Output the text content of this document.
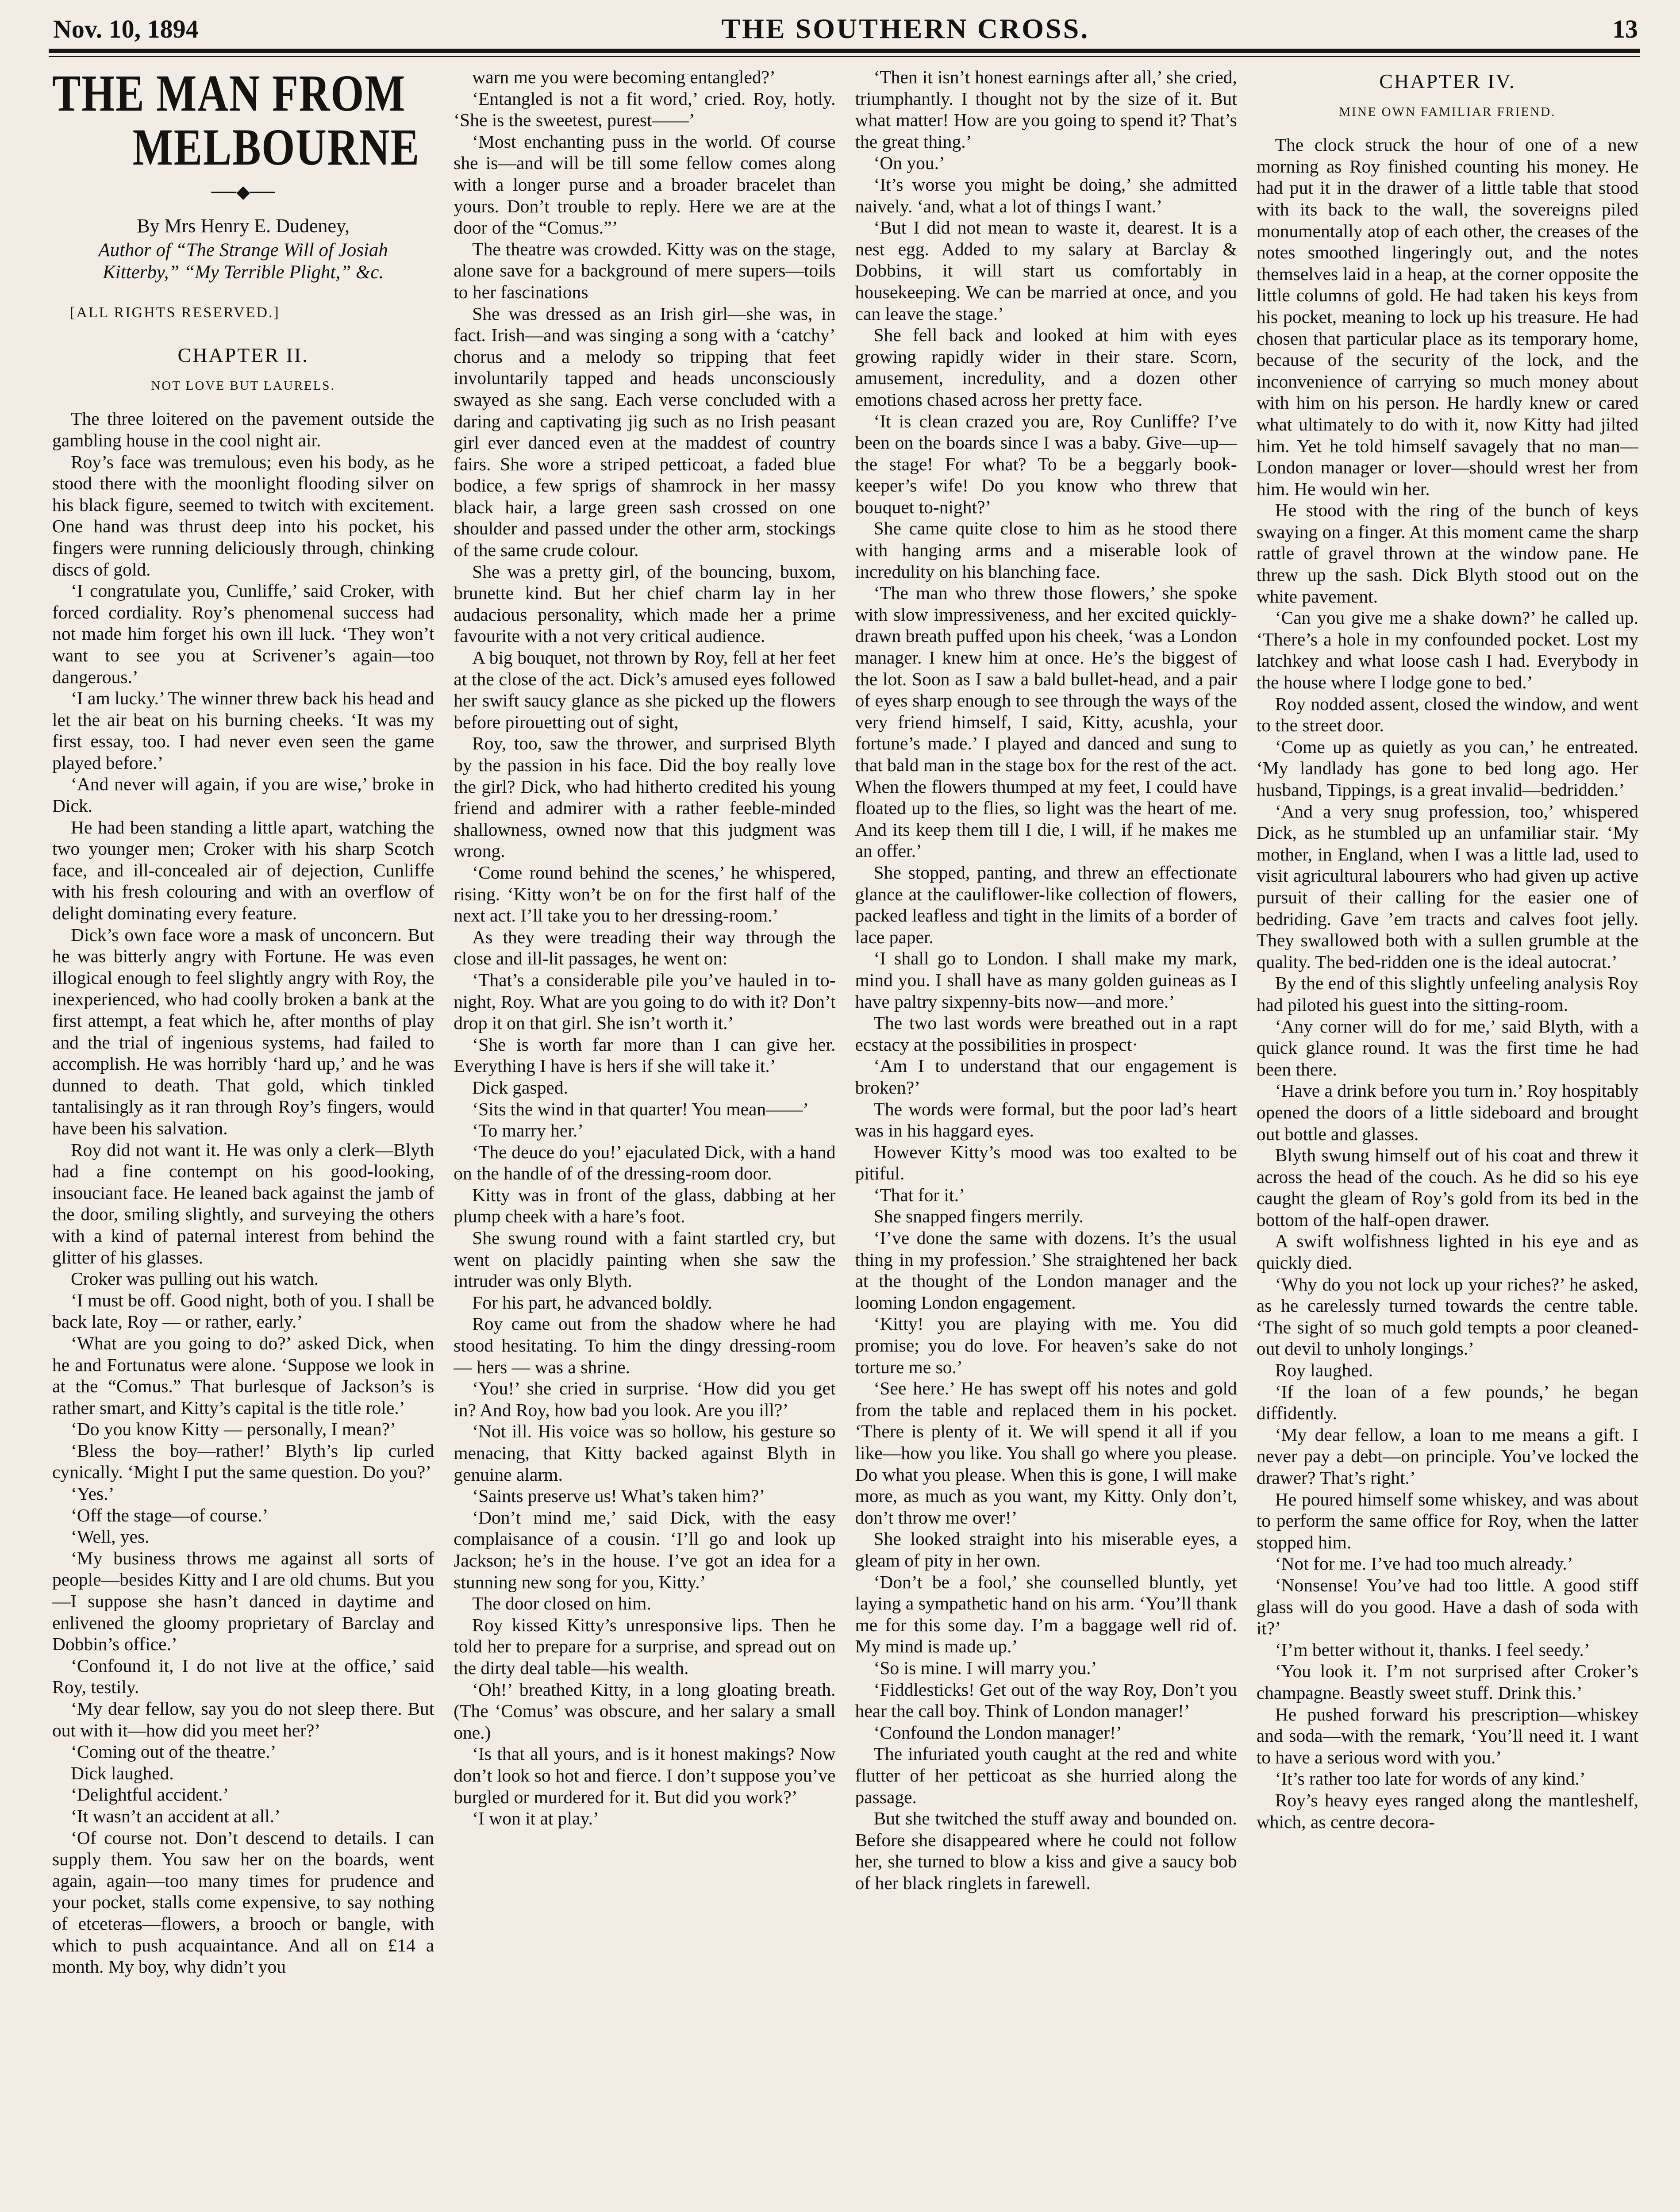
Nov. 10, 1894	THE SOUTHERN CROSS.	13
THE MAN FROM
MELBOURNE
──◆──
By Mrs Henry E. Dudeney,
Author of “The Strange Will of Josiah Kitterby,” “My Terrible Plight,” &c.
[ALL RIGHTS RESERVED.]
CHAPTER II.
NOT LOVE BUT LAURELS.

The three loitered on the pavement outside the gambling house in the cool night air.

Roy’s face was tremulous; even his body, as he stood there with the moonlight flooding silver on his black figure, seemed to twitch with excitement. One hand was thrust deep into his pocket, his fingers were running deliciously through, chinking discs of gold.

‘I congratulate you, Cunliffe,’ said Croker, with forced cordiality. Roy’s phenomenal success had not made him forget his own ill luck. ‘They won’t want to see you at Scrivener’s again—too dangerous.’

‘I am lucky.’ The winner threw back his head and let the air beat on his burning cheeks. ‘It was my first essay, too. I had never even seen the game played before.’

‘And never will again, if you are wise,’ broke in Dick.

He had been standing a little apart, watching the two younger men; Croker with his sharp Scotch face, and ill-concealed air of dejection, Cunliffe with his fresh colouring and with an overflow of delight dominating every feature.

Dick’s own face wore a mask of unconcern. But he was bitterly angry with Fortune. He was even illogical enough to feel slightly angry with Roy, the inexperienced, who had coolly broken a bank at the first attempt, a feat which he, after months of play and the trial of ingenious systems, had failed to accomplish. He was horribly ‘hard up,’ and he was dunned to death. That gold, which tinkled tantalisingly as it ran through Roy’s fingers, would have been his salvation.

Roy did not want it. He was only a clerk—Blyth had a fine contempt on his good-looking, insouciant face. He leaned back against the jamb of the door, smiling slightly, and surveying the others with a kind of paternal interest from behind the glitter of his glasses.

Croker was pulling out his watch.

‘I must be off. Good night, both of you. I shall be back late, Roy — or rather, early.’

‘What are you going to do?’ asked Dick, when he and Fortunatus were alone. ‘Suppose we look in at the “Comus.” That burlesque of Jackson’s is rather smart, and Kitty’s capital is the title role.’

‘Do you know Kitty — personally, I mean?’

‘Bless the boy—rather!’ Blyth’s lip curled cynically. ‘Might I put the same question. Do you?’

‘Yes.’

‘Off the stage—of course.’

‘Well, yes.

‘My business throws me against all sorts of people—besides Kitty and I are old chums. But you—I suppose she hasn’t danced in daytime and enlivened the gloomy proprietary of Barclay and Dobbin’s office.’

‘Confound it, I do not live at the office,’ said Roy, testily.

‘My dear fellow, say you do not sleep there. But out with it—how did you meet her?’

‘Coming out of the theatre.’

Dick laughed.

‘Delightful accident.’

‘It wasn’t an accident at all.’

‘Of course not. Don’t descend to details. I can supply them. You saw her on the boards, went again, again—too many times for prudence and your pocket, stalls come expensive, to say nothing of etceteras—flowers, a brooch or bangle, with which to push acquaintance. And all on £14 a month. My boy, why didn’t you

warn me you were becoming entangled?’

‘Entangled is not a fit word,’ cried. Roy, hotly. ‘She is the sweetest, purest——’

‘Most enchanting puss in the world. Of course she is—and will be till some fellow comes along with a longer purse and a broader bracelet than yours. Don’t trouble to reply. Here we are at the door of the “Comus.”’

The theatre was crowded. Kitty was on the stage, alone save for a background of mere supers—toils to her fascinations

She was dressed as an Irish girl—she was, in fact. Irish—and was singing a song with a ‘catchy’ chorus and a melody so tripping that feet involuntarily tapped and heads unconsciously swayed as she sang. Each verse concluded with a daring and captivating jig such as no Irish peasant girl ever danced even at the maddest of country fairs. She wore a striped petticoat, a faded blue bodice, a few sprigs of shamrock in her massy black hair, a large green sash crossed on one shoulder and passed under the other arm, stockings of the same crude colour.

She was a pretty girl, of the bouncing, buxom, brunette kind. But her chief charm lay in her audacious personality, which made her a prime favourite with a not very critical audience.

A big bouquet, not thrown by Roy, fell at her feet at the close of the act. Dick’s amused eyes followed her swift saucy glance as she picked up the flowers before pirouetting out of sight,

Roy, too, saw the thrower, and surprised Blyth by the passion in his face. Did the boy really love the girl? Dick, who had hitherto credited his young friend and admirer with a rather feeble-minded shallowness, owned now that this judgment was wrong.

‘Come round behind the scenes,’ he whispered, rising. ‘Kitty won’t be on for the first half of the next act. I’ll take you to her dressing-room.’

As they were treading their way through the close and ill-lit passages, he went on:

‘That’s a considerable pile you’ve hauled in to-night, Roy. What are you going to do with it? Don’t drop it on that girl. She isn’t worth it.’

‘She is worth far more than I can give her. Everything I have is hers if she will take it.’

Dick gasped.

‘Sits the wind in that quarter! You mean——’

‘To marry her.’

‘The deuce do you!’ ejaculated Dick, with a hand on the handle of of the dressing-room door.

Kitty was in front of the glass, dabbing at her plump cheek with a hare’s foot.

She swung round with a faint startled cry, but went on placidly painting when she saw the intruder was only Blyth.

For his part, he advanced boldly.

Roy came out from the shadow where he had stood hesitating. To him the dingy dressing-room — hers — was a shrine.

‘You!’ she cried in surprise. ‘How did you get in? And Roy, how bad you look. Are you ill?’

‘Not ill. His voice was so hollow, his gesture so menacing, that Kitty backed against Blyth in genuine alarm.

‘Saints preserve us! What’s taken him?’

‘Don’t mind me,’ said Dick, with the easy complaisance of a cousin. ‘I’ll go and look up Jackson; he’s in the house. I’ve got an idea for a stunning new song for you, Kitty.’

The door closed on him.

Roy kissed Kitty’s unresponsive lips. Then he told her to prepare for a surprise, and spread out on the dirty deal table—his wealth.

‘Oh!’ breathed Kitty, in a long gloating breath. (The ‘Comus’ was obscure, and her salary a small one.)

‘Is that all yours, and is it honest makings? Now don’t look so hot and fierce. I don’t suppose you’ve burgled or murdered for it. But did you work?’

‘I won it at play.’

‘Then it isn’t honest earnings after all,’ she cried, triumphantly. I thought not by the size of it. But what matter! How are you going to spend it? That’s the great thing.’

‘On you.’

‘It’s worse you might be doing,’ she admitted naively. ‘and, what a lot of things I want.’

‘But I did not mean to waste it, dearest. It is a nest egg. Added to my salary at Barclay & Dobbins, it will start us comfortably in housekeeping. We can be married at once, and you can leave the stage.’

She fell back and looked at him with eyes growing rapidly wider in their stare. Scorn, amusement, incredulity, and a dozen other emotions chased across her pretty face.

‘It is clean crazed you are, Roy Cunliffe? I’ve been on the boards since I was a baby. Give—up—the stage! For what? To be a beggarly book-keeper’s wife! Do you know who threw that bouquet to-night?’

She came quite close to him as he stood there with hanging arms and a miserable look of incredulity on his blanching face.

‘The man who threw those flowers,’ she spoke with slow impressiveness, and her excited quickly-drawn breath puffed upon his cheek, ‘was a London manager. I knew him at once. He’s the biggest of the lot. Soon as I saw a bald bullet-head, and a pair of eyes sharp enough to see through the ways of the very friend himself, I said, Kitty, acushla, your fortune’s made.’ I played and danced and sung to that bald man in the stage box for the rest of the act. When the flowers thumped at my feet, I could have floated up to the flies, so light was the heart of me. And its keep them till I die, I will, if he makes me an offer.’

She stopped, panting, and threw an effectionate glance at the cauliflower-like collection of flowers, packed leafless and tight in the limits of a border of lace paper.

‘I shall go to London. I shall make my mark, mind you. I shall have as many golden guineas as I have paltry sixpenny-bits now—and more.’

The two last words were breathed out in a rapt ecstacy at the possibilities in prospect·

‘Am I to understand that our engagement is broken?’

The words were formal, but the poor lad’s heart was in his haggard eyes.

However Kitty’s mood was too exalted to be pitiful.

‘That for it.’

She snapped fingers merrily.

‘I’ve done the same with dozens. It’s the usual thing in my profession.’ She straightened her back at the thought of the London manager and the looming London engagement.

‘Kitty! you are playing with me. You did promise; you do love. For heaven’s sake do not torture me so.’

‘See here.’ He has swept off his notes and gold from the table and replaced them in his pocket. ‘There is plenty of it. We will spend it all if you like—how you like. You shall go where you please. Do what you please. When this is gone, I will make more, as much as you want, my Kitty. Only don’t, don’t throw me over!’

She looked straight into his miserable eyes, a gleam of pity in her own.

‘Don’t be a fool,’ she counselled bluntly, yet laying a sympathetic hand on his arm. ‘You’ll thank me for this some day. I’m a baggage well rid of. My mind is made up.’

‘So is mine. I will marry you.’

‘Fiddlesticks! Get out of the way Roy, Don’t you hear the call boy. Think of London manager!’

‘Confound the London manager!’

The infuriated youth caught at the red and white flutter of her petticoat as she hurried along the passage.

But she twitched the stuff away and bounded on. Before she disappeared where he could not follow her, she turned to blow a kiss and give a saucy bob of her black ringlets in farewell.

CHAPTER IV.
MINE OWN FAMILIAR FRIEND.

The clock struck the hour of one of a new morning as Roy finished counting his money. He had put it in the drawer of a little table that stood with its back to the wall, the sovereigns piled monumentally atop of each other, the creases of the notes smoothed lingeringly out, and the notes themselves laid in a heap, at the corner opposite the little columns of gold. He had taken his keys from his pocket, meaning to lock up his treasure. He had chosen that particular place as its temporary home, because of the security of the lock, and the inconvenience of carrying so much money about with him on his person. He hardly knew or cared what ultimately to do with it, now Kitty had jilted him. Yet he told himself savagely that no man—London manager or lover—should wrest her from him. He would win her.

He stood with the ring of the bunch of keys swaying on a finger. At this moment came the sharp rattle of gravel thrown at the window pane. He threw up the sash. Dick Blyth stood out on the white pavement.

‘Can you give me a shake down?’ he called up. ‘There’s a hole in my confounded pocket. Lost my latchkey and what loose cash I had. Everybody in the house where I lodge gone to bed.’

Roy nodded assent, closed the window, and went to the street door.

‘Come up as quietly as you can,’ he entreated. ‘My landlady has gone to bed long ago. Her husband, Tippings, is a great invalid—bedridden.’

‘And a very snug profession, too,’ whispered Dick, as he stumbled up an unfamiliar stair. ‘My mother, in England, when I was a little lad, used to visit agricultural labourers who had given up active pursuit of their calling for the easier one of bedriding. Gave ’em tracts and calves foot jelly. They swallowed both with a sullen grumble at the quality. The bed-ridden one is the ideal autocrat.’

By the end of this slightly unfeeling analysis Roy had piloted his guest into the sitting-room.

‘Any corner will do for me,’ said Blyth, with a quick glance round. It was the first time he had been there.

‘Have a drink before you turn in.’ Roy hospitably opened the doors of a little sideboard and brought out bottle and glasses.

Blyth swung himself out of his coat and threw it across the head of the couch. As he did so his eye caught the gleam of Roy’s gold from its bed in the bottom of the half-open drawer.

A swift wolfishness lighted in his eye and as quickly died.

‘Why do you not lock up your riches?’ he asked, as he carelessly turned towards the centre table. ‘The sight of so much gold tempts a poor cleaned-out devil to unholy longings.’

Roy laughed.

‘If the loan of a few pounds,’ he began diffidently.

‘My dear fellow, a loan to me means a gift. I never pay a debt—on principle. You’ve locked the drawer? That’s right.’

He poured himself some whiskey, and was about to perform the same office for Roy, when the latter stopped him.

‘Not for me. I’ve had too much already.’

‘Nonsense! You’ve had too little. A good stiff glass will do you good. Have a dash of soda with it?’

‘I’m better without it, thanks. I feel seedy.’

‘You look it. I’m not surprised after Croker’s champagne. Beastly sweet stuff. Drink this.’

He pushed forward his prescription—whiskey and soda—with the remark, ‘You’ll need it. I want to have a serious word with you.’

‘It’s rather too late for words of any kind.’

Roy’s heavy eyes ranged along the mantleshelf, which, as centre decora-
